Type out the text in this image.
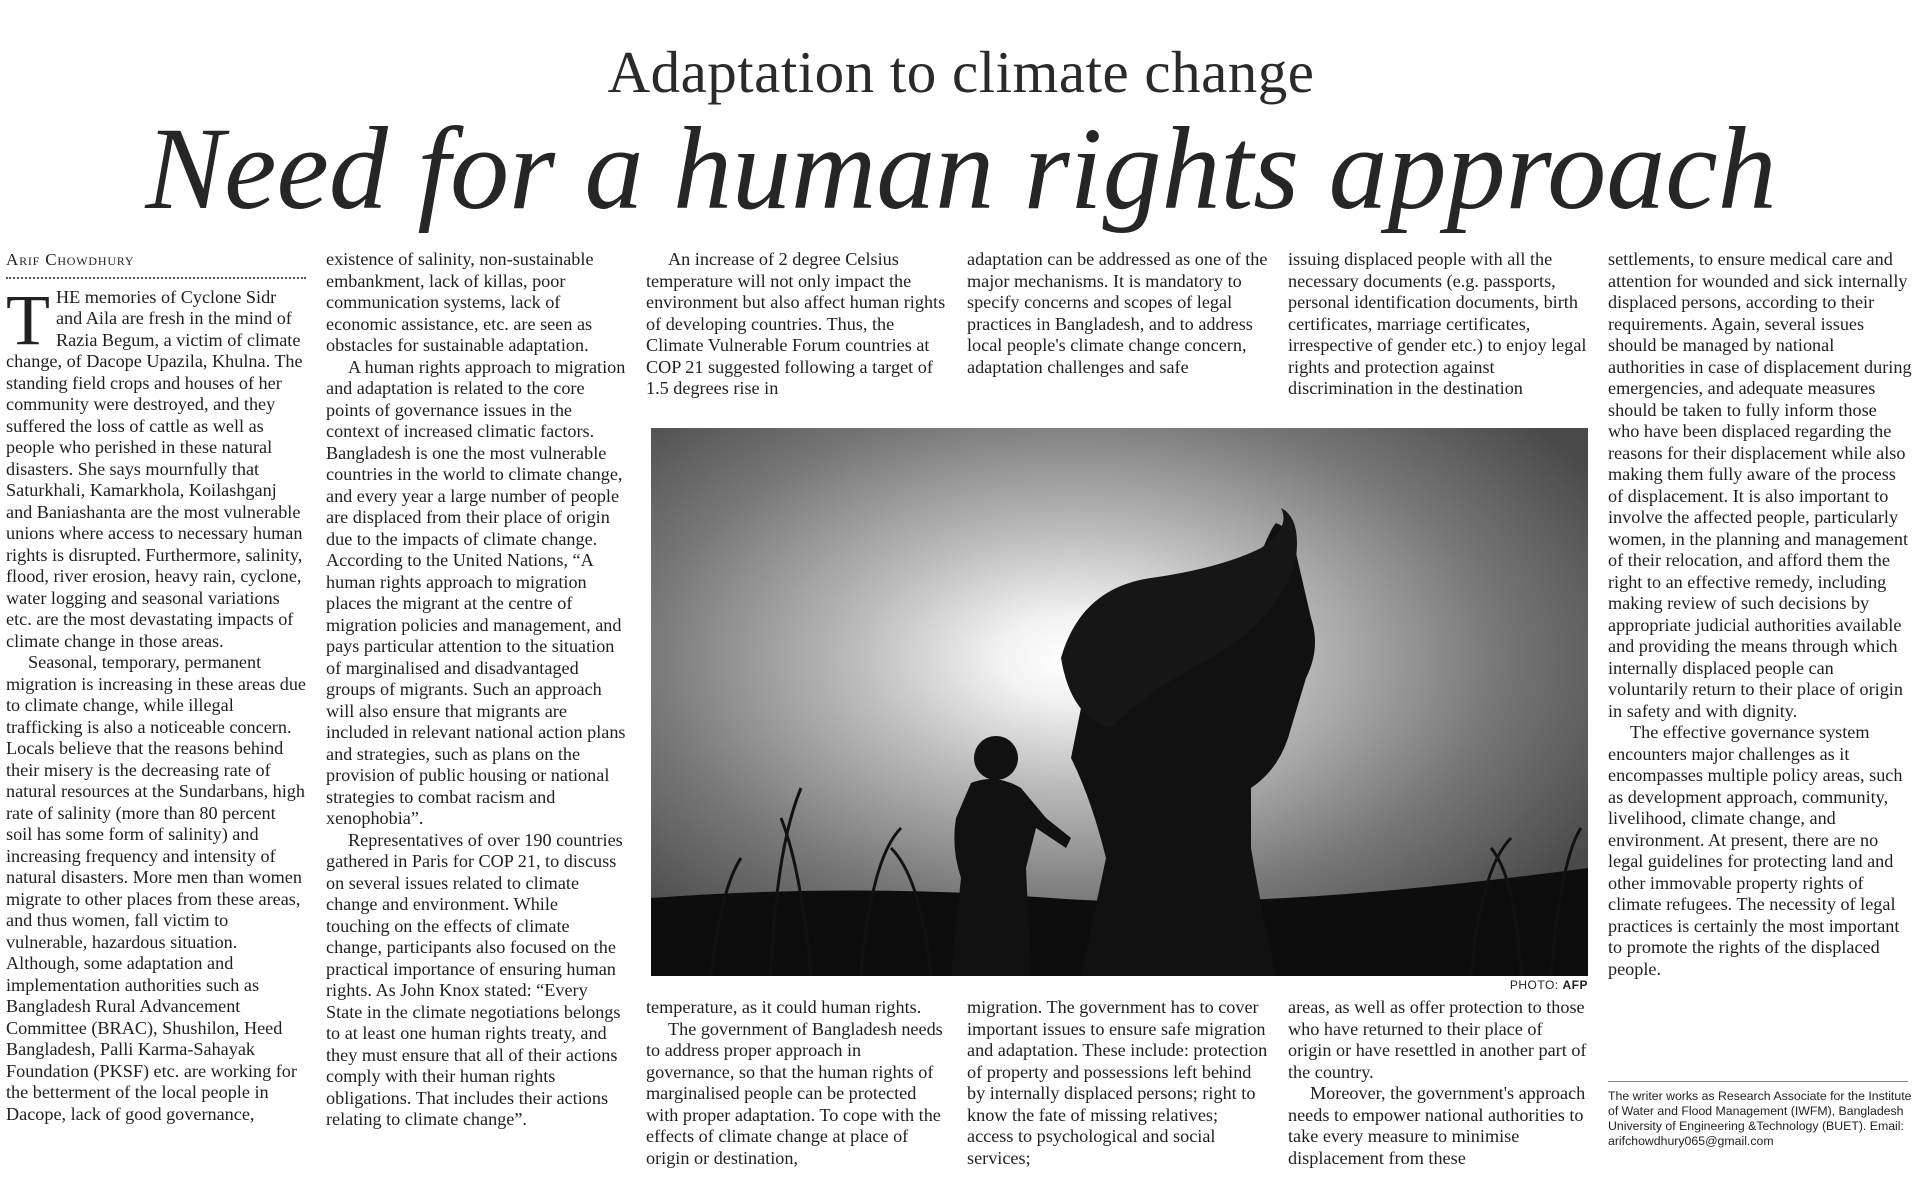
Adaptation to climate change
Need for a human rights approach
Arif Chowdhury
T HE memories of Cyclone Sidr and Aila are fresh in the mind of Razia Begum, a victim of climate change, of Dacope Upazila, Khulna. The standing field crops and houses of her community were destroyed, and they suffered the loss of cattle as well as people who perished in these natural disasters. She says mournfully that Saturkhali, Kamarkhola, Koilashganj and Baniashanta are the most vulnerable unions where access to necessary human rights is disrupted. Furthermore, salinity, flood, river erosion, heavy rain, cyclone, water logging and seasonal variations etc. are the most devastating impacts of climate change in those areas.

Seasonal, temporary, permanent migration is increasing in these areas due to climate change, while illegal trafficking is also a noticeable concern. Locals believe that the reasons behind their misery is the decreasing rate of natural resources at the Sundarbans, high rate of salinity (more than 80 percent soil has some form of salinity) and increasing frequency and intensity of natural disasters. More men than women migrate to other places from these areas, and thus women, fall victim to vulnerable, hazardous situation. Although, some adaptation and implementation authorities such as Bangladesh Rural Advancement Committee (BRAC), Shushilon, Heed Bangladesh, Palli Karma-Sahayak Foundation (PKSF) etc. are working for the betterment of the local people in Dacope, lack of good governance,

existence of salinity, non-sustainable embankment, lack of killas, poor communication systems, lack of economic assistance, etc. are seen as obstacles for sustainable adaptation.

A human rights approach to migration and adaptation is related to the core points of governance issues in the context of increased climatic factors. Bangladesh is one the most vulnerable countries in the world to climate change, and every year a large number of people are displaced from their place of origin due to the impacts of climate change. According to the United Nations, “A human rights approach to migration places the migrant at the centre of migration policies and management, and pays particular attention to the situation of marginalised and disadvantaged groups of migrants. Such an approach will also ensure that migrants are included in relevant national action plans and strategies, such as plans on the provision of public housing or national strategies to combat racism and xenophobia”.

Representatives of over 190 countries gathered in Paris for COP 21, to discuss on several issues related to climate change and environment. While touching on the effects of climate change, participants also focused on the practical importance of ensuring human rights. As John Knox stated: “Every State in the climate negotiations belongs to at least one human rights treaty, and they must ensure that all of their actions comply with their human rights obligations. That includes their actions relating to climate change”.

An increase of 2 degree Celsius temperature will not only impact the environment but also affect human rights of developing countries. Thus, the Climate Vulnerable Forum countries at COP 21 suggested following a target of 1.5 degrees rise in

adaptation can be addressed as one of the major mechanisms. It is mandatory to specify concerns and scopes of legal practices in Bangladesh, and to address local people's climate change concern, adaptation challenges and safe

issuing displaced people with all the necessary documents (e.g. passports, personal identification documents, birth certificates, marriage certificates, irrespective of gender etc.) to enjoy legal rights and protection against discrimination in the destination

settlements, to ensure medical care and attention for wounded and sick internally displaced persons, according to their requirements. Again, several issues should be managed by national authorities in case of displacement during emergencies, and adequate measures should be taken to fully inform those who have been displaced regarding the reasons for their displacement while also making them fully aware of the process of displacement. It is also important to involve the affected people, particularly women, in the planning and management of their relocation, and afford them the right to an effective remedy, including making review of such decisions by appropriate judicial authorities available and providing the means through which internally displaced people can voluntarily return to their place of origin in safety and with dignity.

The effective governance system encounters major challenges as it encompasses multiple policy areas, such as development approach, community, livelihood, climate change, and environment. At present, there are no legal guidelines for protecting land and other immovable property rights of climate refugees. The necessity of legal practices is certainly the most important to promote the rights of the displaced people.

PHOTO: AFP

temperature, as it could human rights.

The government of Bangladesh needs to address proper approach in governance, so that the human rights of marginalised people can be protected with proper adaptation. To cope with the effects of climate change at place of origin or destination,

migration. The government has to cover important issues to ensure safe migration and adaptation. These include: protection of property and possessions left behind by internally displaced persons; right to know the fate of missing relatives; access to psychological and social services;

areas, as well as offer protection to those who have returned to their place of origin or have resettled in another part of the country.

Moreover, the government's approach needs to empower national authorities to take every measure to minimise displacement from these

The writer works as Research Associate for the Institute of Water and Flood Management (IWFM), Bangladesh University of Engineering &Technology (BUET). Email: arifchowdhury065@gmail.com
